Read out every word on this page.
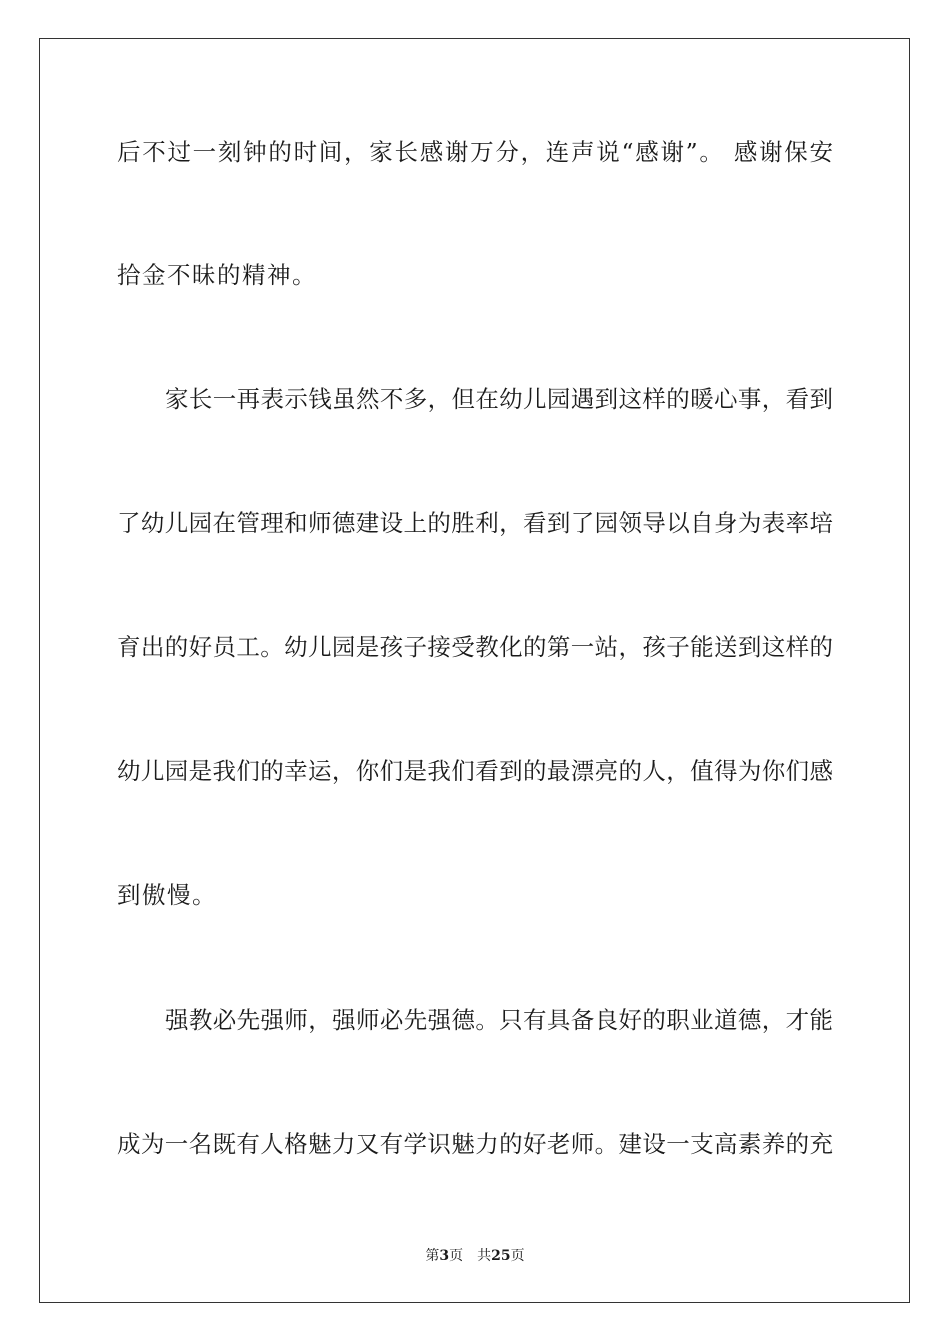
后不过一刻钟的时间，家长感谢万分，连声说“感谢”。 感谢保安
拾金不昧的精神。
家长一再表示钱虽然不多，但在幼儿园遇到这样的暖心事，看到
了幼儿园在管理和师德建设上的胜利，看到了园领导以自身为表率培
育出的好员工。幼儿园是孩子接受教化的第一站，孩子能送到这样的
幼儿园是我们的幸运，你们是我们看到的最漂亮的人，值得为你们感
到傲慢。
强教必先强师，强师必先强德。只有具备良好的职业道德，才能
成为一名既有人格魅力又有学识魅力的好老师。建设一支高素养的充
第3页 共25页
